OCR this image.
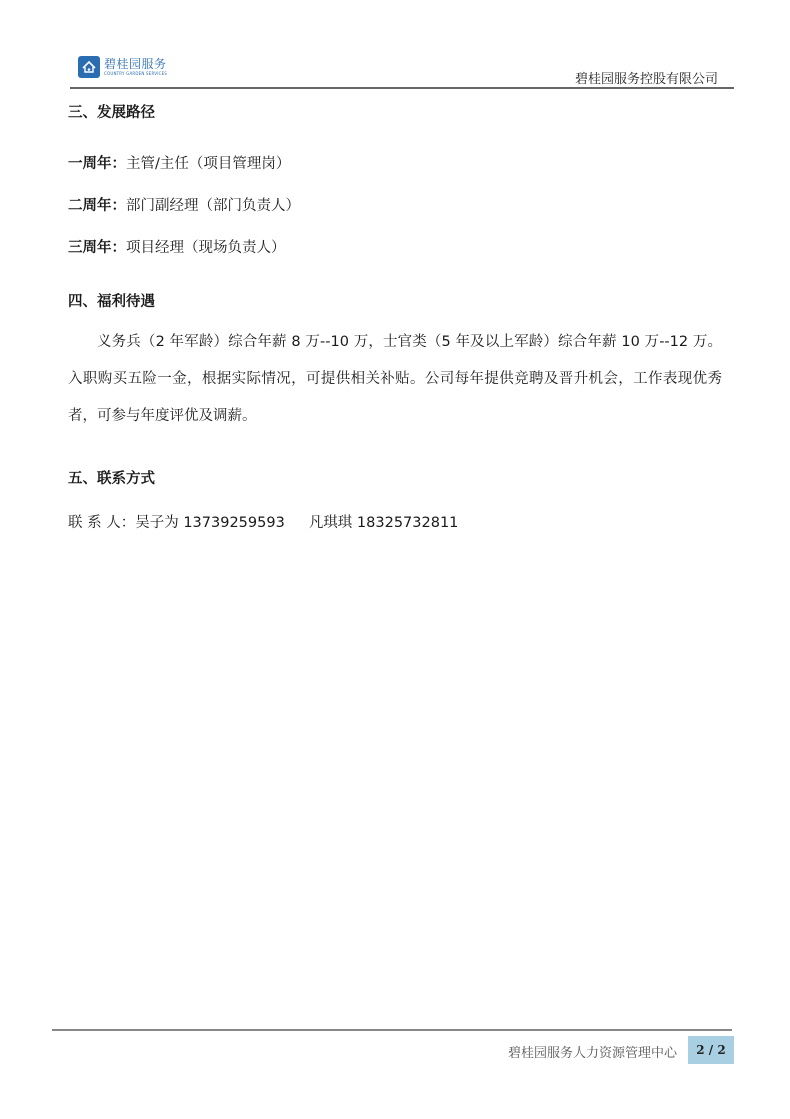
碧桂园服务
COUNTRY GARDEN SERVICES	碧桂园服务控股有限公司
三、发展路径
一周年：主管/主任（项目管理岗）
二周年：部门副经理（部门负责人）
三周年：项目经理（现场负责人）
四、福利待遇
义务兵（2 年军龄）综合年薪 8 万--10 万，士官类（5 年及以上军龄）综合年薪 10 万--12 万。入职购买五险一金，根据实际情况，可提供相关补贴。公司每年提供竞聘及晋升机会，工作表现优秀者，可参与年度评优及调薪。
五、联系方式
联 系 人：吴子为 13739259593 凡琪琪 18325732811
碧桂园服务人力资源管理中心	2 / 2
